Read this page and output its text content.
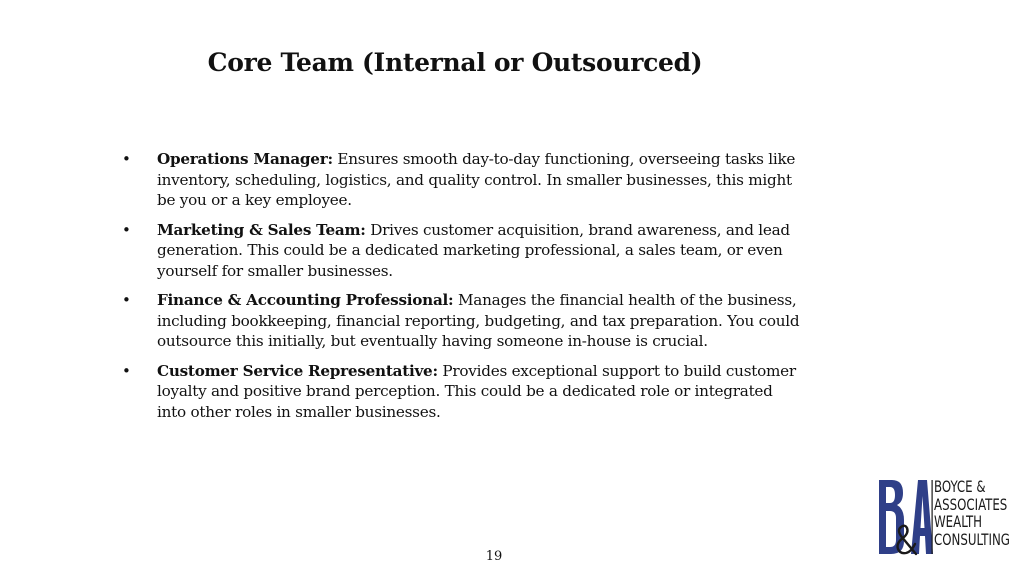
Core Team (Internal or Outsourced)
• Operations Manager: Ensures smooth day-to-day functioning, overseeing tasks like inventory, scheduling, logistics, and quality control. In smaller businesses, this might be you or a key employee.
• Marketing & Sales Team: Drives customer acquisition, brand awareness, and lead generation. This could be a dedicated marketing professional, a sales team, or even yourself for smaller businesses.
• Finance & Accounting Professional: Manages the financial health of the business, including bookkeeping, financial reporting, budgeting, and tax preparation. You could outsource this initially, but eventually having someone in-house is crucial.
• Customer Service Representative: Provides exceptional support to build customer loyalty and positive brand perception. This could be a dedicated role or integrated into other roles in smaller businesses.
19
BOYCE &
ASSOCIATES
WEALTH
CONSULTING
